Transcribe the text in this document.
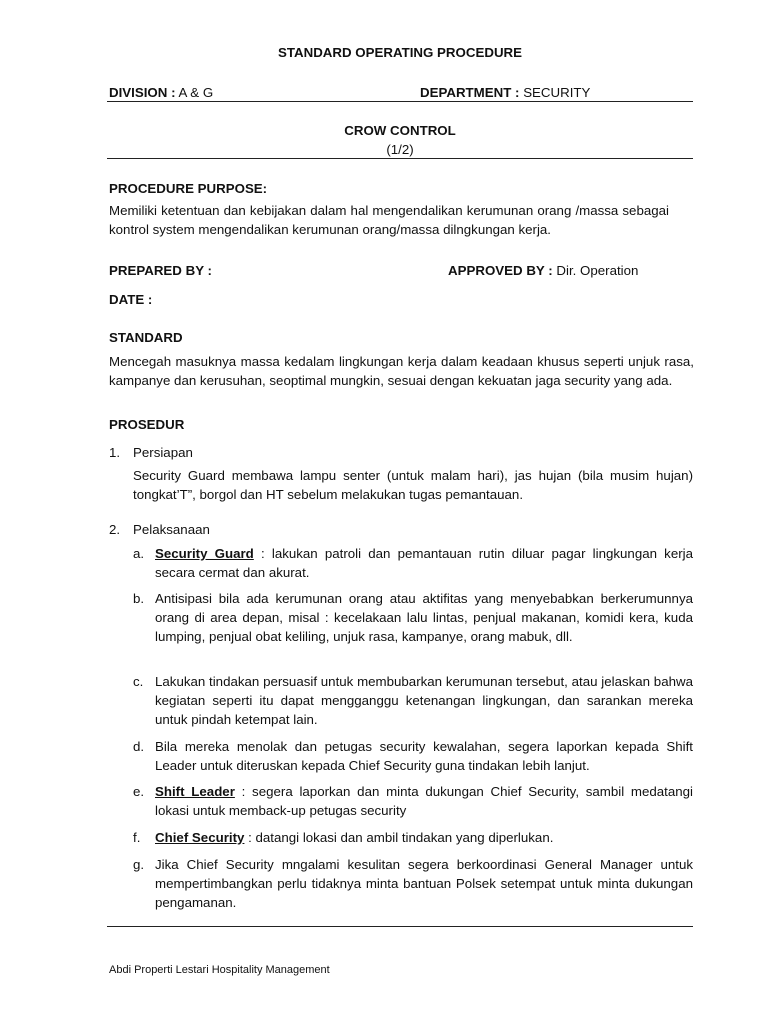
STANDARD OPERATING PROCEDURE
DIVISION : A & G	DEPARTMENT : SECURITY
CROW CONTROL
(1/2)
PROCEDURE PURPOSE:
Memiliki ketentuan dan kebijakan dalam hal mengendalikan kerumunan orang /massa sebagai kontrol system mengendalikan kerumunan orang/massa dilngkungan kerja.
PREPARED BY :	APPROVED BY : Dir. Operation
DATE :
STANDARD
Mencegah masuknya massa kedalam lingkungan kerja dalam keadaan khusus seperti unjuk rasa, kampanye dan kerusuhan, seoptimal mungkin, sesuai dengan kekuatan jaga security yang ada.
PROSEDUR
1. Persiapan
Security Guard membawa lampu senter (untuk malam hari), jas hujan (bila musim hujan) tongkat’T”, borgol dan HT sebelum melakukan tugas pemantauan.
2. Pelaksanaan
a. Security Guard : lakukan patroli dan pemantauan rutin diluar pagar lingkungan kerja secara cermat dan akurat.
b. Antisipasi bila ada kerumunan orang atau aktifitas yang menyebabkan berkerumunnya orang di area depan, misal : kecelakaan lalu lintas, penjual makanan, komidi kera, kuda lumping, penjual obat keliling, unjuk rasa, kampanye, orang mabuk, dll.
c. Lakukan tindakan persuasif untuk membubarkan kerumunan tersebut, atau jelaskan bahwa kegiatan seperti itu dapat mengganggu ketenangan lingkungan, dan sarankan mereka untuk pindah ketempat lain.
d. Bila mereka menolak dan petugas security kewalahan, segera laporkan kepada Shift Leader untuk diteruskan kepada Chief Security guna tindakan lebih lanjut.
e. Shift Leader : segera laporkan dan minta dukungan Chief Security, sambil medatangi lokasi untuk memback-up petugas security
f. Chief Security : datangi lokasi dan ambil tindakan yang diperlukan.
g. Jika Chief Security mngalami kesulitan segera berkoordinasi General Manager untuk mempertimbangkan perlu tidaknya minta bantuan Polsek setempat untuk minta dukungan pengamanan.
Abdi Properti Lestari Hospitality Management
